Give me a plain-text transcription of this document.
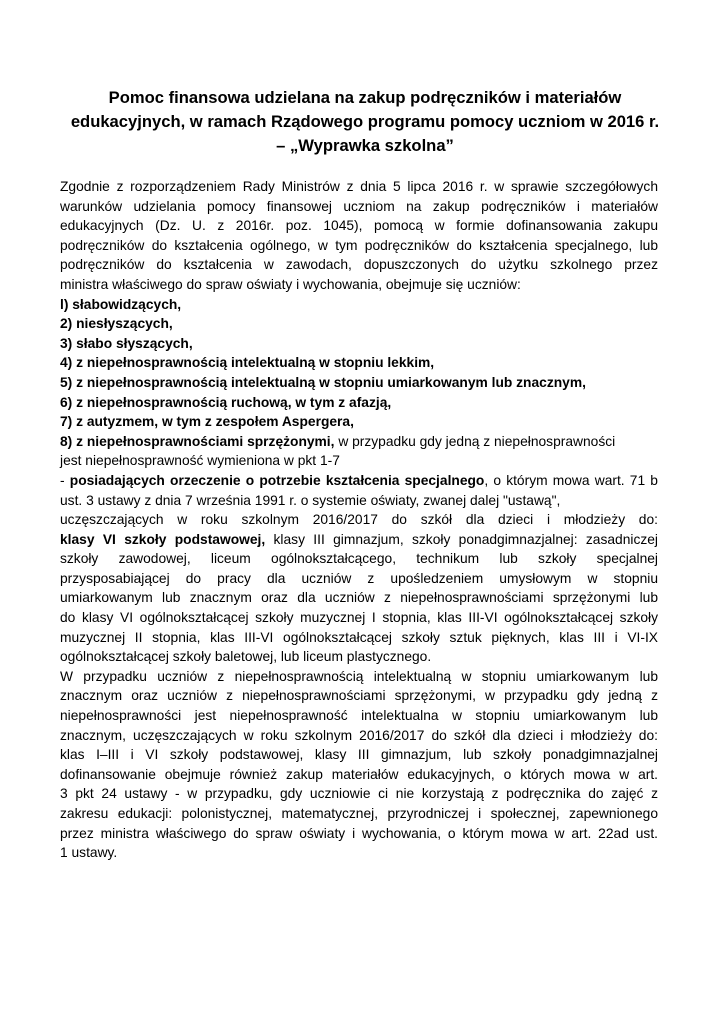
Pomoc finansowa udzielana na zakup podręczników i materiałów
edukacyjnych, w ramach Rządowego programu pomocy uczniom w 2016 r.
– „Wyprawka szkolna”
Zgodnie z rozporządzeniem Rady Ministrów z dnia 5 lipca 2016 r. w sprawie szczegółowych
warunków udzielania pomocy finansowej uczniom na zakup podręczników i materiałów
edukacyjnych (Dz. U. z 2016r. poz. 1045), pomocą w formie dofinansowania zakupu
podręczników do kształcenia ogólnego, w tym podręczników do kształcenia specjalnego, lub
podręczników do kształcenia w zawodach, dopuszczonych do użytku szkolnego przez
ministra właściwego do spraw oświaty i wychowania, obejmuje się uczniów:
l) słabowidzących,
2) niesłyszących,
3) słabo słyszących,
4) z niepełnosprawnością intelektualną w stopniu lekkim,
5) z niepełnosprawnością intelektualną w stopniu umiarkowanym lub znacznym,
6) z niepełnosprawnością ruchową, w tym z afazją,
7) z autyzmem, w tym z zespołem Aspergera,
8) z niepełnosprawnościami sprzężonymi, w przypadku gdy jedną z niepełnosprawności
jest niepełnosprawność wymieniona w pkt 1-7
- posiadających orzeczenie o potrzebie kształcenia specjalnego, o którym mowa wart. 71 b
ust. 3 ustawy z dnia 7 września 1991 r. o systemie oświaty, zwanej dalej "ustawą",
uczęszczających w roku szkolnym 2016/2017 do szkół dla dzieci i młodzieży do:
klasy VI szkoły podstawowej, klasy III gimnazjum, szkoły ponadgimnazjalnej: zasadniczej
szkoły zawodowej, liceum ogólnokształcącego, technikum lub szkoły specjalnej
przysposabiającej do pracy dla uczniów z upośledzeniem umysłowym w stopniu
umiarkowanym lub znacznym oraz dla uczniów z niepełnosprawnościami sprzężonymi lub
do klasy VI ogólnokształcącej szkoły muzycznej I stopnia, klas III-VI ogólnokształcącej szkoły
muzycznej II stopnia, klas III-VI ogólnokształcącej szkoły sztuk pięknych, klas III i VI-IX
ogólnokształcącej szkoły baletowej, lub liceum plastycznego.
W przypadku uczniów z niepełnosprawnością intelektualną w stopniu umiarkowanym lub
znacznym oraz uczniów z niepełnosprawnościami sprzężonymi, w przypadku gdy jedną z
niepełnosprawności jest niepełnosprawność intelektualna w stopniu umiarkowanym lub
znacznym, uczęszczających w roku szkolnym 2016/2017 do szkół dla dzieci i młodzieży do:
klas I–III i VI szkoły podstawowej, klasy III gimnazjum, lub szkoły ponadgimnazjalnej
dofinansowanie obejmuje również zakup materiałów edukacyjnych, o których mowa w art.
3 pkt 24 ustawy - w przypadku, gdy uczniowie ci nie korzystają z podręcznika do zajęć z
zakresu edukacji: polonistycznej, matematycznej, przyrodniczej i społecznej, zapewnionego
przez ministra właściwego do spraw oświaty i wychowania, o którym mowa w art. 22ad ust.
1 ustawy.
